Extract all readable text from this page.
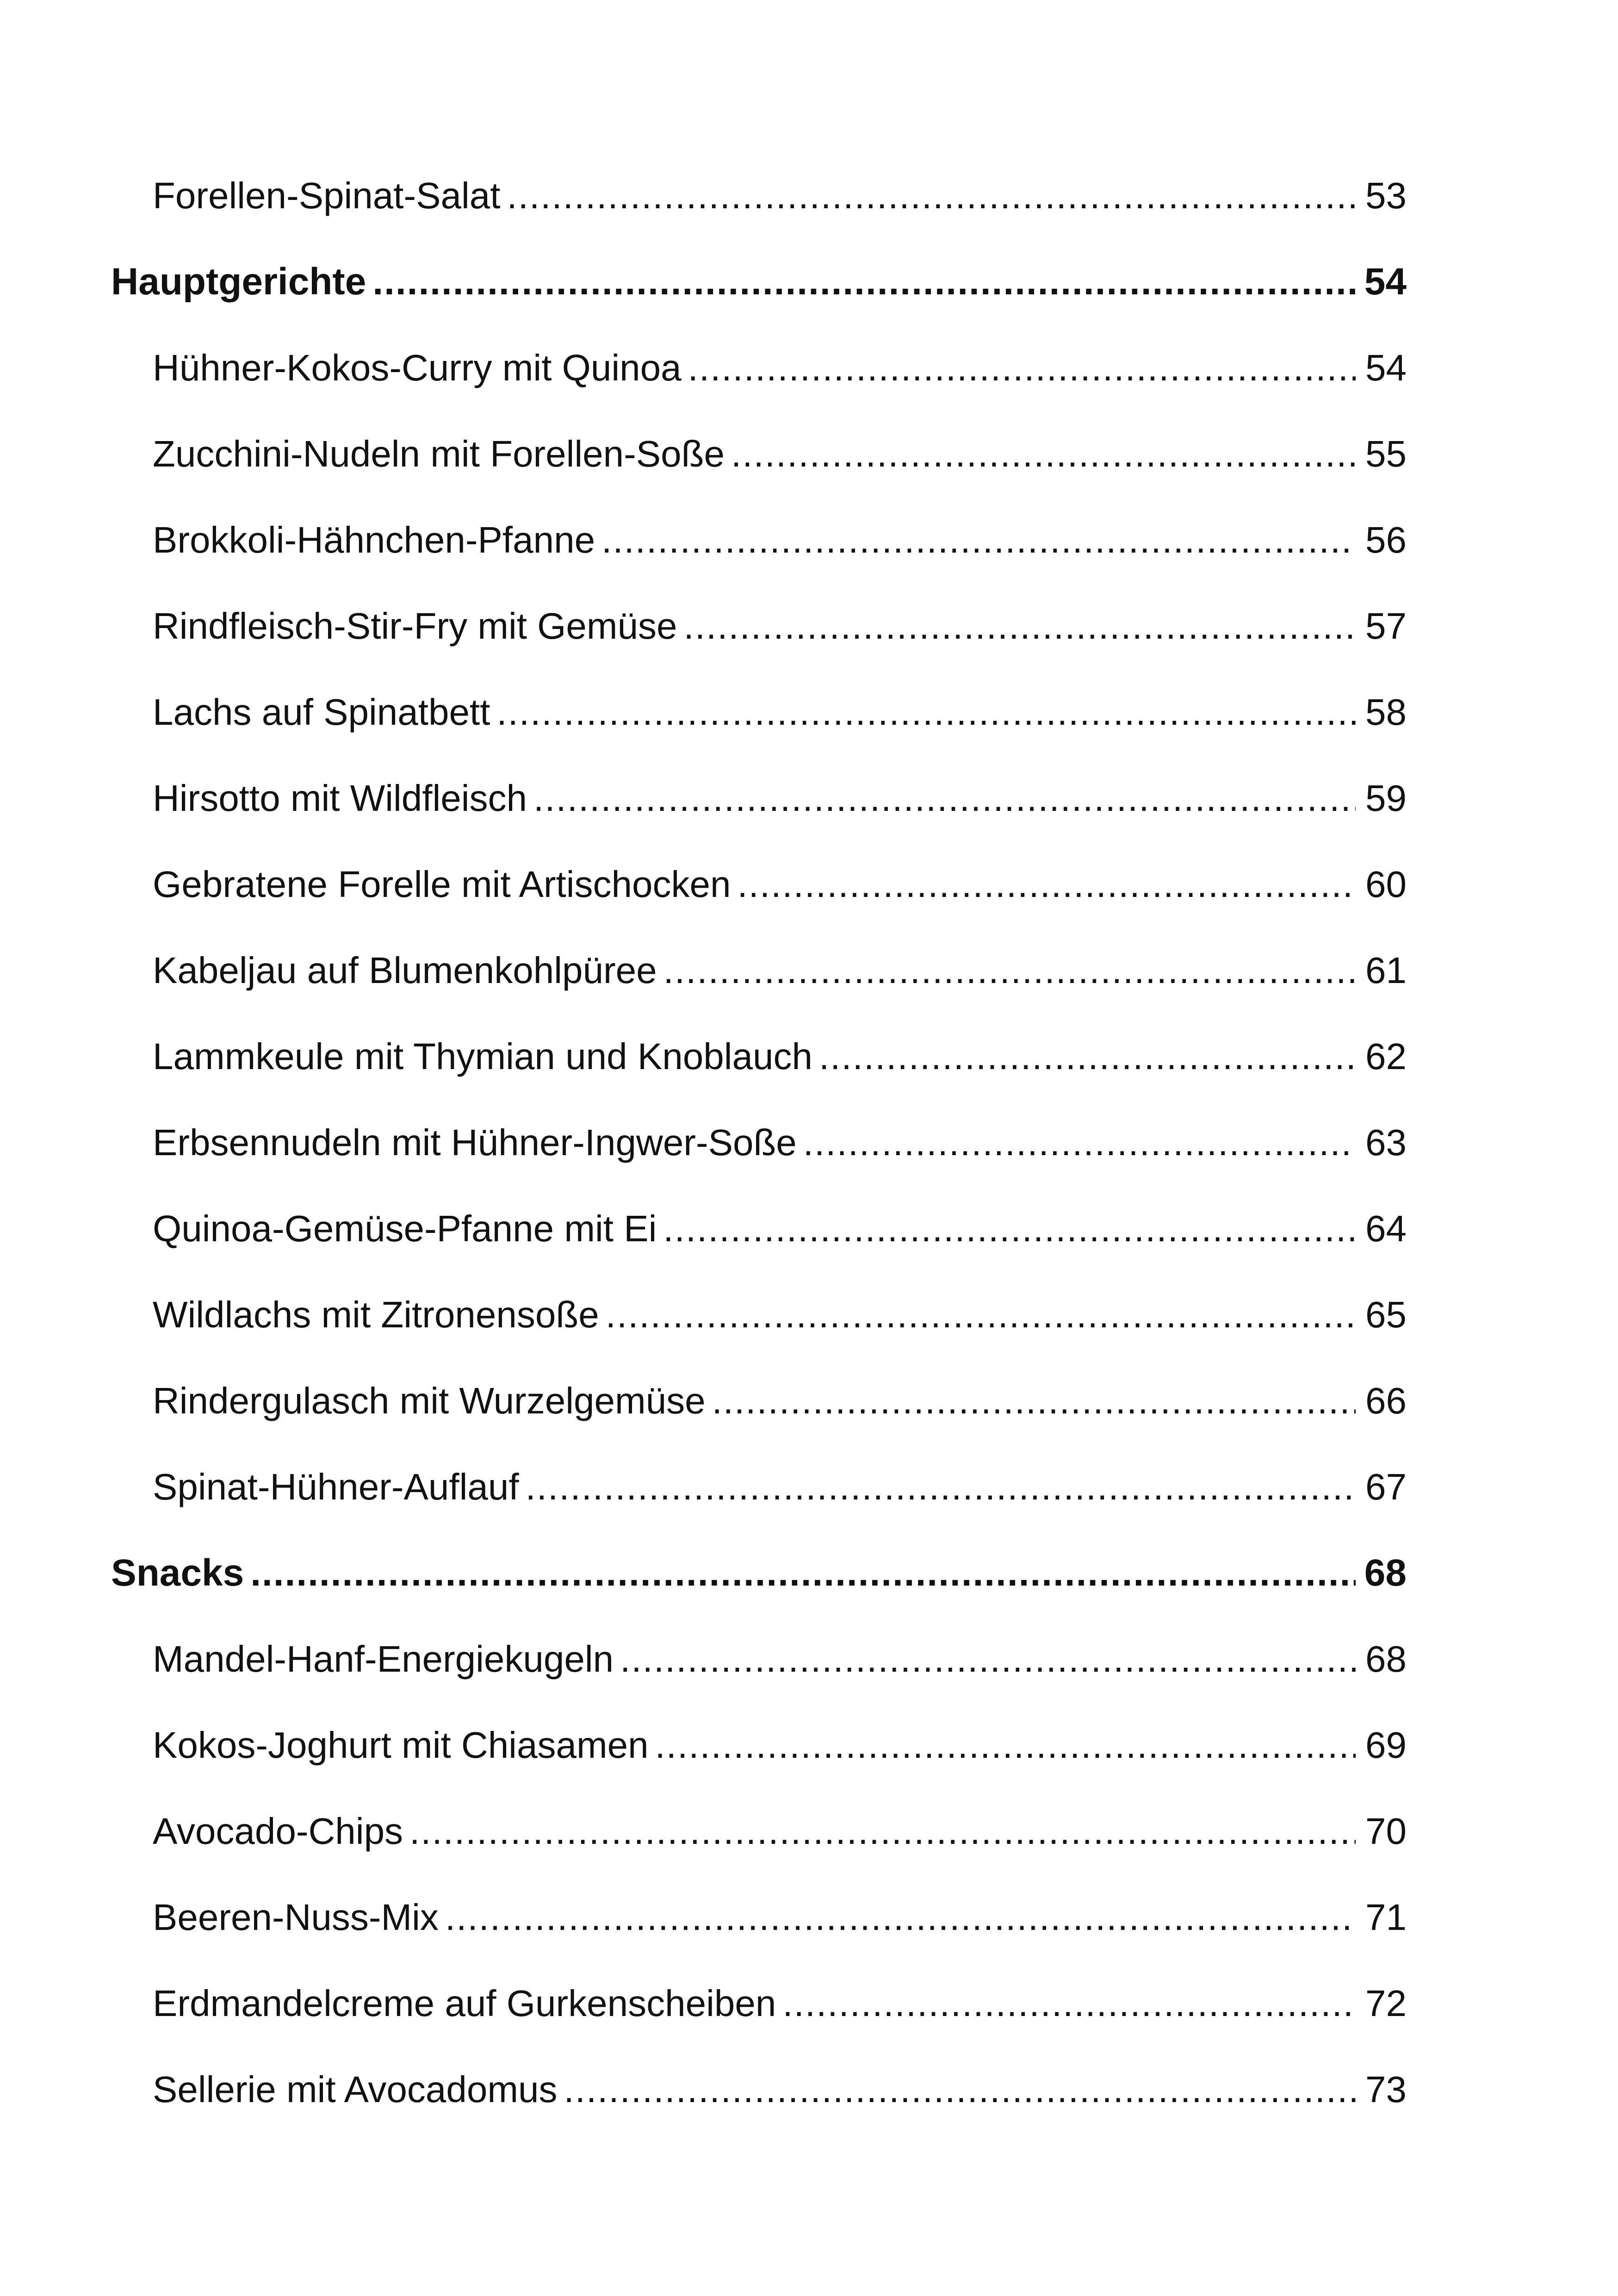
Forellen-Spinat-Salat .....	53
Hauptgerichte .....	54
Hühner-Kokos-Curry mit Quinoa .....	54
Zucchini-Nudeln mit Forellen-Soße .....	55
Brokkoli-Hähnchen-Pfanne .....	56
Rindfleisch-Stir-Fry mit Gemüse .....	57
Lachs auf Spinatbett .....	58
Hirsotto mit Wildfleisch .....	59
Gebratene Forelle mit Artischocken .....	60
Kabeljau auf Blumenkohlpüree .....	61
Lammkeule mit Thymian und Knoblauch .....	62
Erbsennudeln mit Hühner-Ingwer-Soße .....	63
Quinoa-Gemüse-Pfanne mit Ei .....	64
Wildlachs mit Zitronensoße .....	65
Rindergulasch mit Wurzelgemüse .....	66
Spinat-Hühner-Auflauf .....	67
Snacks .....	68
Mandel-Hanf-Energiekugeln .....	68
Kokos-Joghurt mit Chiasamen .....	69
Avocado-Chips .....	70
Beeren-Nuss-Mix .....	71
Erdmandelcreme auf Gurkenscheiben .....	72
Sellerie mit Avocadomus .....	73
